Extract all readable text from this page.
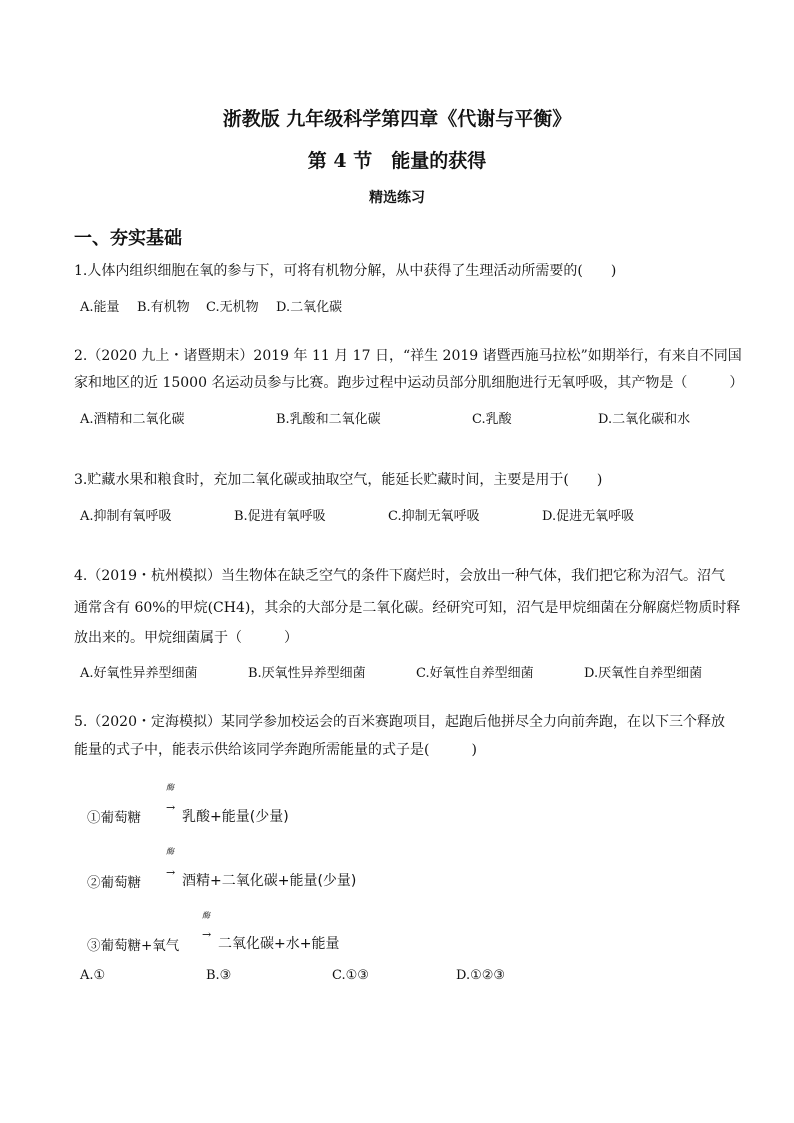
浙教版 九年级科学第四章《代谢与平衡》
第 4 节　能量的获得
精选练习
一、夯实基础
1.人体内组织细胞在氧的参与下，可将有机物分解，从中获得了生理活动所需要的(　　)
A.能量 B.有机物 C.无机物 D.二氧化碳
2.（2020 九上・诸暨期末）2019 年 11 月 17 日，“祥生 2019 诸暨西施马拉松”如期举行，有来自不同国
家和地区的近 15000 名运动员参与比赛。跑步过程中运动员部分肌细胞进行无氧呼吸，其产物是（　　　）
A.酒精和二氧化碳	B.乳酸和二氧化碳	C.乳酸	D.二氧化碳和水
3.贮藏水果和粮食时，充加二氧化碳或抽取空气，能延长贮藏时间，主要是用于(　　)
A.抑制有氧呼吸	B.促进有氧呼吸	C.抑制无氧呼吸	D.促进无氧呼吸
4.（2019・杭州模拟）当生物体在缺乏空气的条件下腐烂时，会放出一种气体，我们把它称为沼气。沼气
通常含有 60%的甲烷(CH4)，其余的大部分是二氧化碳。经研究可知，沼气是甲烷细菌在分解腐烂物质时释
放出来的。甲烷细菌属于（　　　）
A.好氧性异养型细菌	B.厌氧性异养型细菌	C.好氧性自养型细菌	D.厌氧性自养型细菌
5.（2020・定海模拟）某同学参加校运会的百米赛跑项目，起跑后他拼尽全力向前奔跑，在以下三个释放
能量的式子中，能表示供给该同学奔跑所需能量的式子是(　　　)
酶
→
①葡萄糖	乳酸+能量(少量)
酶
→
②葡萄糖	酒精+二氧化碳+能量(少量)
酶
→
③葡萄糖+氧气	二氧化碳+水+能量
A.①	B.③	C.①③	D.①②③
